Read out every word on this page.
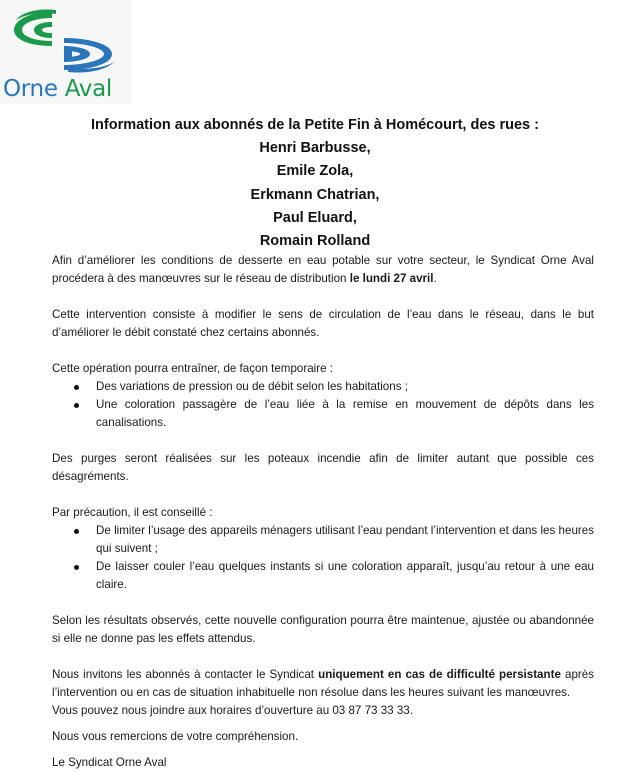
Orne Aval
Information aux abonnés de la Petite Fin à Homécourt, des rues :
Henri Barbusse,
Emile Zola,
Erkmann Chatrian,
Paul Eluard,
Romain Rolland

Afin d’améliorer les conditions de desserte en eau potable sur votre secteur, le Syndicat Orne Aval procédera à des manœuvres sur le réseau de distribution le lundi 27 avril.

Cette intervention consiste à modifier le sens de circulation de l’eau dans le réseau, dans le but d’améliorer le débit constaté chez certains abonnés.

Cette opération pourra entraîner, de façon temporaire :

Des variations de pression ou de débit selon les habitations ;
Une coloration passagère de l’eau liée à la remise en mouvement de dépôts dans les canalisations.

Des purges seront réalisées sur les poteaux incendie afin de limiter autant que possible ces désagréments.

Par précaution, il est conseillé :

De limiter l’usage des appareils ménagers utilisant l’eau pendant l’intervention et dans les heures qui suivent ;
De laisser couler l’eau quelques instants si une coloration apparaît, jusqu’au retour à une eau claire.

Selon les résultats observés, cette nouvelle configuration pourra être maintenue, ajustée ou abandonnée si elle ne donne pas les effets attendus.

Nous invitons les abonnés à contacter le Syndicat uniquement en cas de difficulté persistante après l’intervention ou en cas de situation inhabituelle non résolue dans les heures suivant les manœuvres.

Vous pouvez nous joindre aux horaires d’ouverture au 03 87 73 33 33.

Nous vous remercions de votre compréhension.

Le Syndicat Orne Aval
